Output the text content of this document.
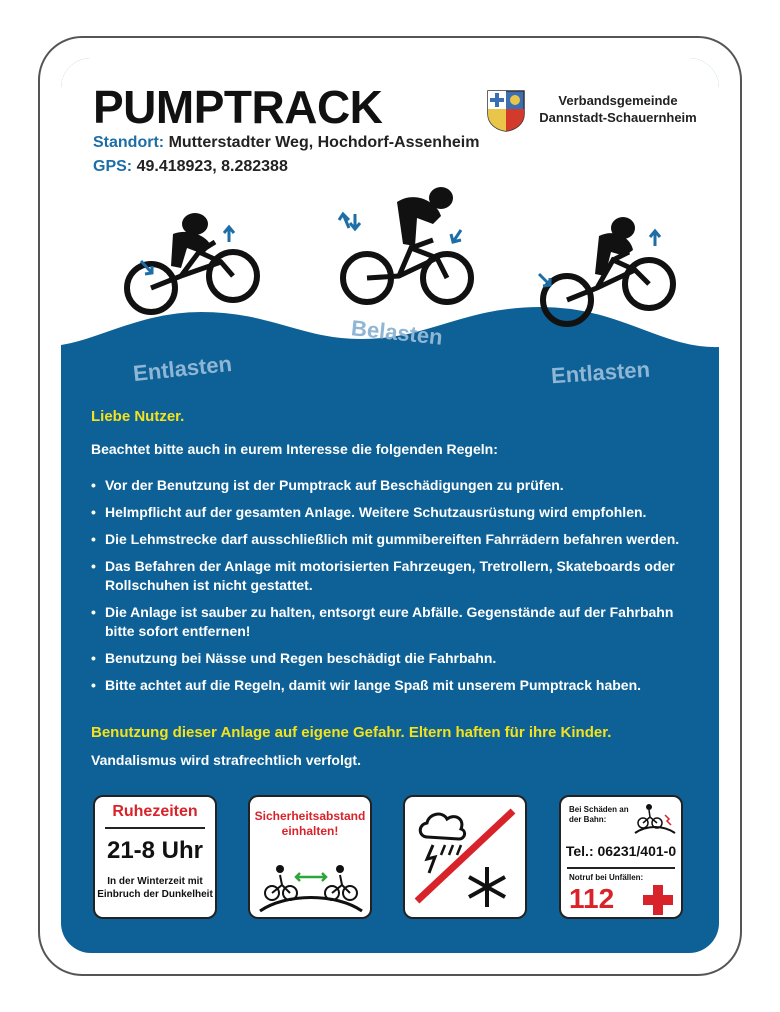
PUMPTRACK
Standort: Mutterstadter Weg, Hochdorf-Assenheim
GPS: 49.418923, 8.282388
Verbandsgemeinde
Dannstadt-Schauernheim
Entlasten
Belasten
Entlasten
Liebe Nutzer.
Beachtet bitte auch in eurem Interesse die folgenden Regeln:
• Vor der Benutzung ist der Pumptrack auf Beschädigungen zu prüfen.
• Helmpflicht auf der gesamten Anlage. Weitere Schutzausrüstung wird empfohlen.
• Die Lehmstrecke darf ausschließlich mit gummibereiften Fahrrädern befahren werden.
• Das Befahren der Anlage mit motorisierten Fahrzeugen, Tretrollern, Skateboards oder
Rollschuhen ist nicht gestattet.
• Die Anlage ist sauber zu halten, entsorgt eure Abfälle. Gegenstände auf der Fahrbahn
bitte sofort entfernen!
• Benutzung bei Nässe und Regen beschädigt die Fahrbahn.
• Bitte achtet auf die Regeln, damit wir lange Spaß mit unserem Pumptrack haben.
Benutzung dieser Anlage auf eigene Gefahr. Eltern haften für ihre Kinder.
Vandalismus wird strafrechtlich verfolgt.
Ruhezeiten
21-8 Uhr
In der Winterzeit mit
Einbruch der Dunkelheit
Sicherheitsabstand
einhalten!
Bei Schäden an
der Bahn:
Tel.: 06231/401-0
Notruf bei Unfällen:
112
